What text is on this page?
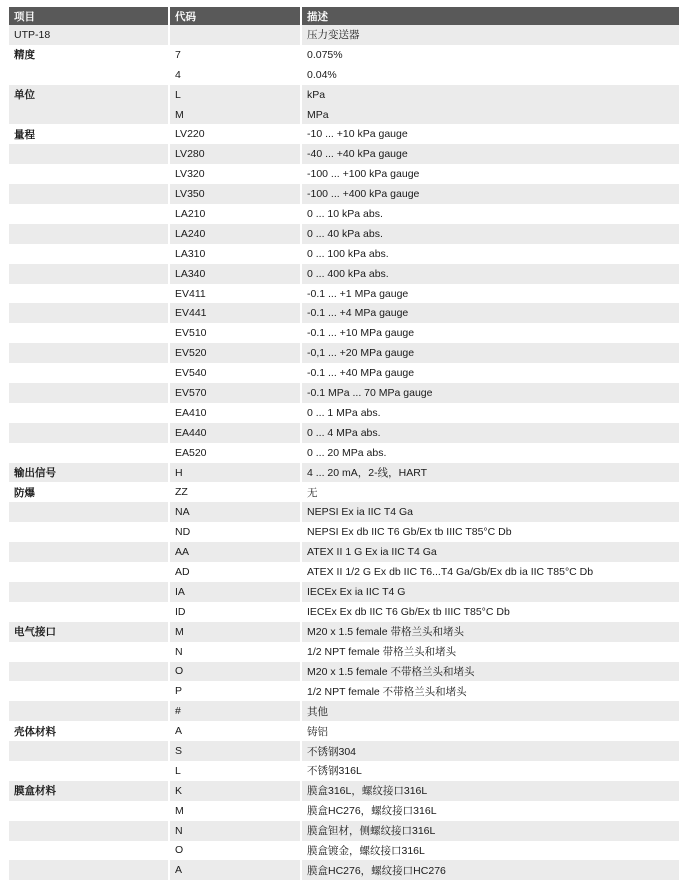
项目	代码	描述
UTP-18		压力变送器
精度	7	0.075%
	4	0.04%
单位	L	kPa
	M	MPa
量程	LV220	-10 ... +10 kPa gauge
	LV280	-40 ... +40 kPa gauge
	LV320	-100 ... +100 kPa gauge
	LV350	-100 ... +400 kPa gauge
	LA210	0 ... 10 kPa abs.
	LA240	0 ... 40 kPa abs.
	LA310	0 ... 100 kPa abs.
	LA340	0 ... 400 kPa abs.
	EV411	-0.1 ... +1 MPa gauge
	EV441	-0.1 ... +4 MPa gauge
	EV510	-0.1 ... +10 MPa gauge
	EV520	-0,1 ... +20 MPa gauge
	EV540	-0.1 ... +40 MPa gauge
	EV570	-0.1 MPa ... 70 MPa gauge
	EA410	0 ... 1 MPa abs.
	EA440	0 ... 4 MPa abs.
	EA520	0 ... 20 MPa abs.
输出信号	H	4 ... 20 mA，2-线，HART
防爆	ZZ	无
	NA	NEPSI Ex ia IIC T4 Ga
	ND	NEPSI Ex db IIC T6 Gb/Ex tb IIIC T85°C Db
	AA	ATEX II 1 G Ex ia IIC T4 Ga
	AD	ATEX II 1/2 G Ex db IIC T6...T4 Ga/Gb/Ex db ia IIC T85°C Db
	IA	IECEx Ex ia IIC T4 G
	ID	IECEx Ex db IIC T6 Gb/Ex tb IIIC T85°C Db
电气接口	M	M20 x 1.5 female 带格兰头和堵头
	N	1/2 NPT female 带格兰头和堵头
	O	M20 x 1.5 female 不带格兰头和堵头
	P	1/2 NPT female 不带格兰头和堵头
	#	其他
壳体材料	A	铸铝
	S	不锈钢304
	L	不锈钢316L
膜盒材料	K	膜盒316L，螺纹接口316L
	M	膜盒HC276，螺纹接口316L
	N	膜盒钽材，侧螺纹接口316L
	O	膜盒镀金，螺纹接口316L
	A	膜盒HC276，螺纹接口HC276
